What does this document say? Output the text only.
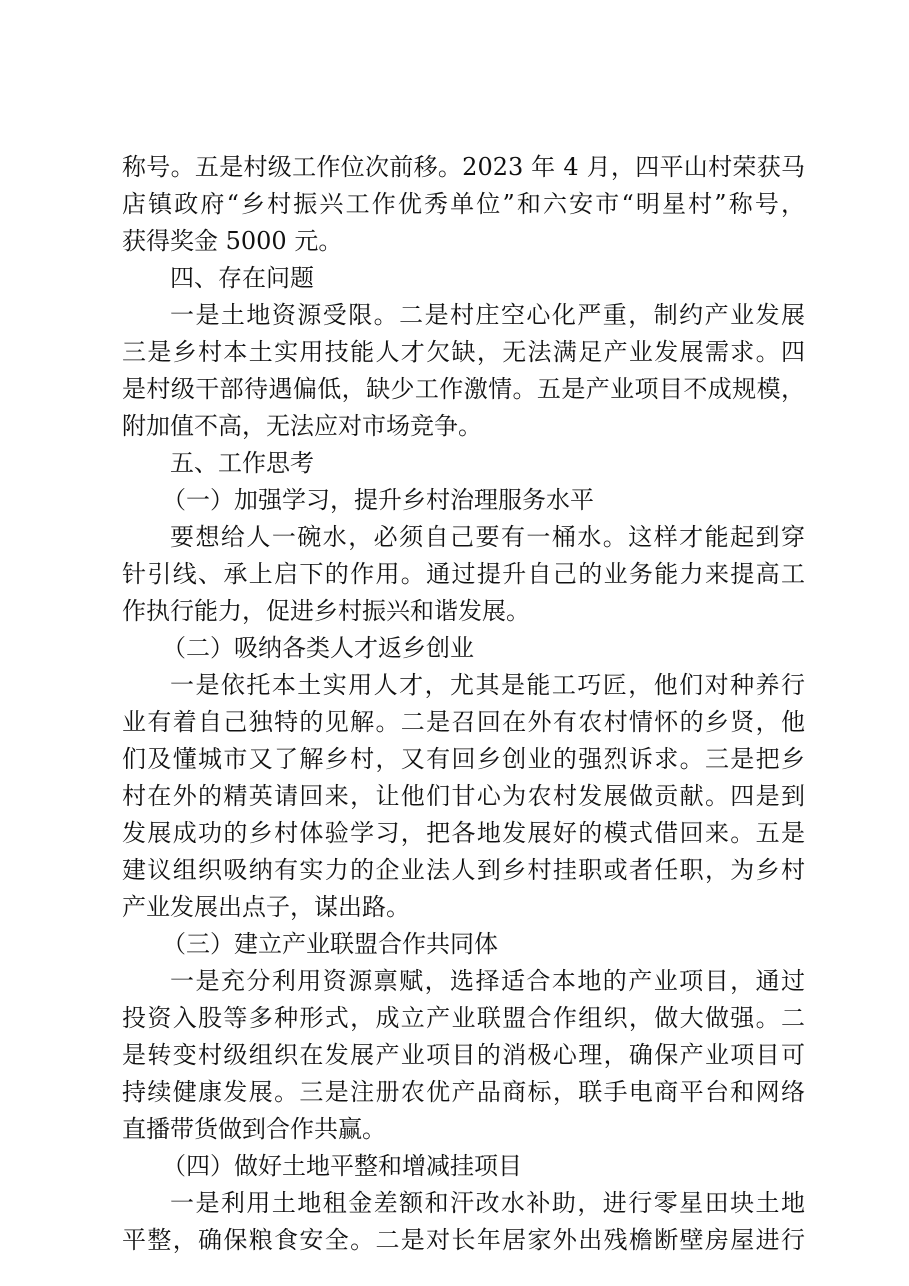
称号。五是村级工作位次前移。2023 年 4 月，四平山村荣获马
店镇政府“乡村振兴工作优秀单位”和六安市“明星村”称号，
获得奖金 5000 元。
四、存在问题
一是土地资源受限。二是村庄空心化严重，制约产业发展
三是乡村本土实用技能人才欠缺，无法满足产业发展需求。四
是村级干部待遇偏低，缺少工作激情。五是产业项目不成规模，
附加值不高，无法应对市场竞争。
五、工作思考
（一）加强学习，提升乡村治理服务水平
要想给人一碗水，必须自己要有一桶水。这样才能起到穿
针引线、承上启下的作用。通过提升自己的业务能力来提高工
作执行能力，促进乡村振兴和谐发展。
（二）吸纳各类人才返乡创业
一是依托本土实用人才，尤其是能工巧匠，他们对种养行
业有着自己独特的见解。二是召回在外有农村情怀的乡贤，他
们及懂城市又了解乡村，又有回乡创业的强烈诉求。三是把乡
村在外的精英请回来，让他们甘心为农村发展做贡献。四是到
发展成功的乡村体验学习，把各地发展好的模式借回来。五是
建议组织吸纳有实力的企业法人到乡村挂职或者任职，为乡村
产业发展出点子，谋出路。
（三）建立产业联盟合作共同体
一是充分利用资源禀赋，选择适合本地的产业项目，通过
投资入股等多种形式，成立产业联盟合作组织，做大做强。二
是转变村级组织在发展产业项目的消极心理，确保产业项目可
持续健康发展。三是注册农优产品商标，联手电商平台和网络
直播带货做到合作共赢。
（四）做好土地平整和增减挂项目
一是利用土地租金差额和汗改水补助，进行零星田块土地
平整，确保粮食安全。二是对长年居家外出残檐断壁房屋进行
